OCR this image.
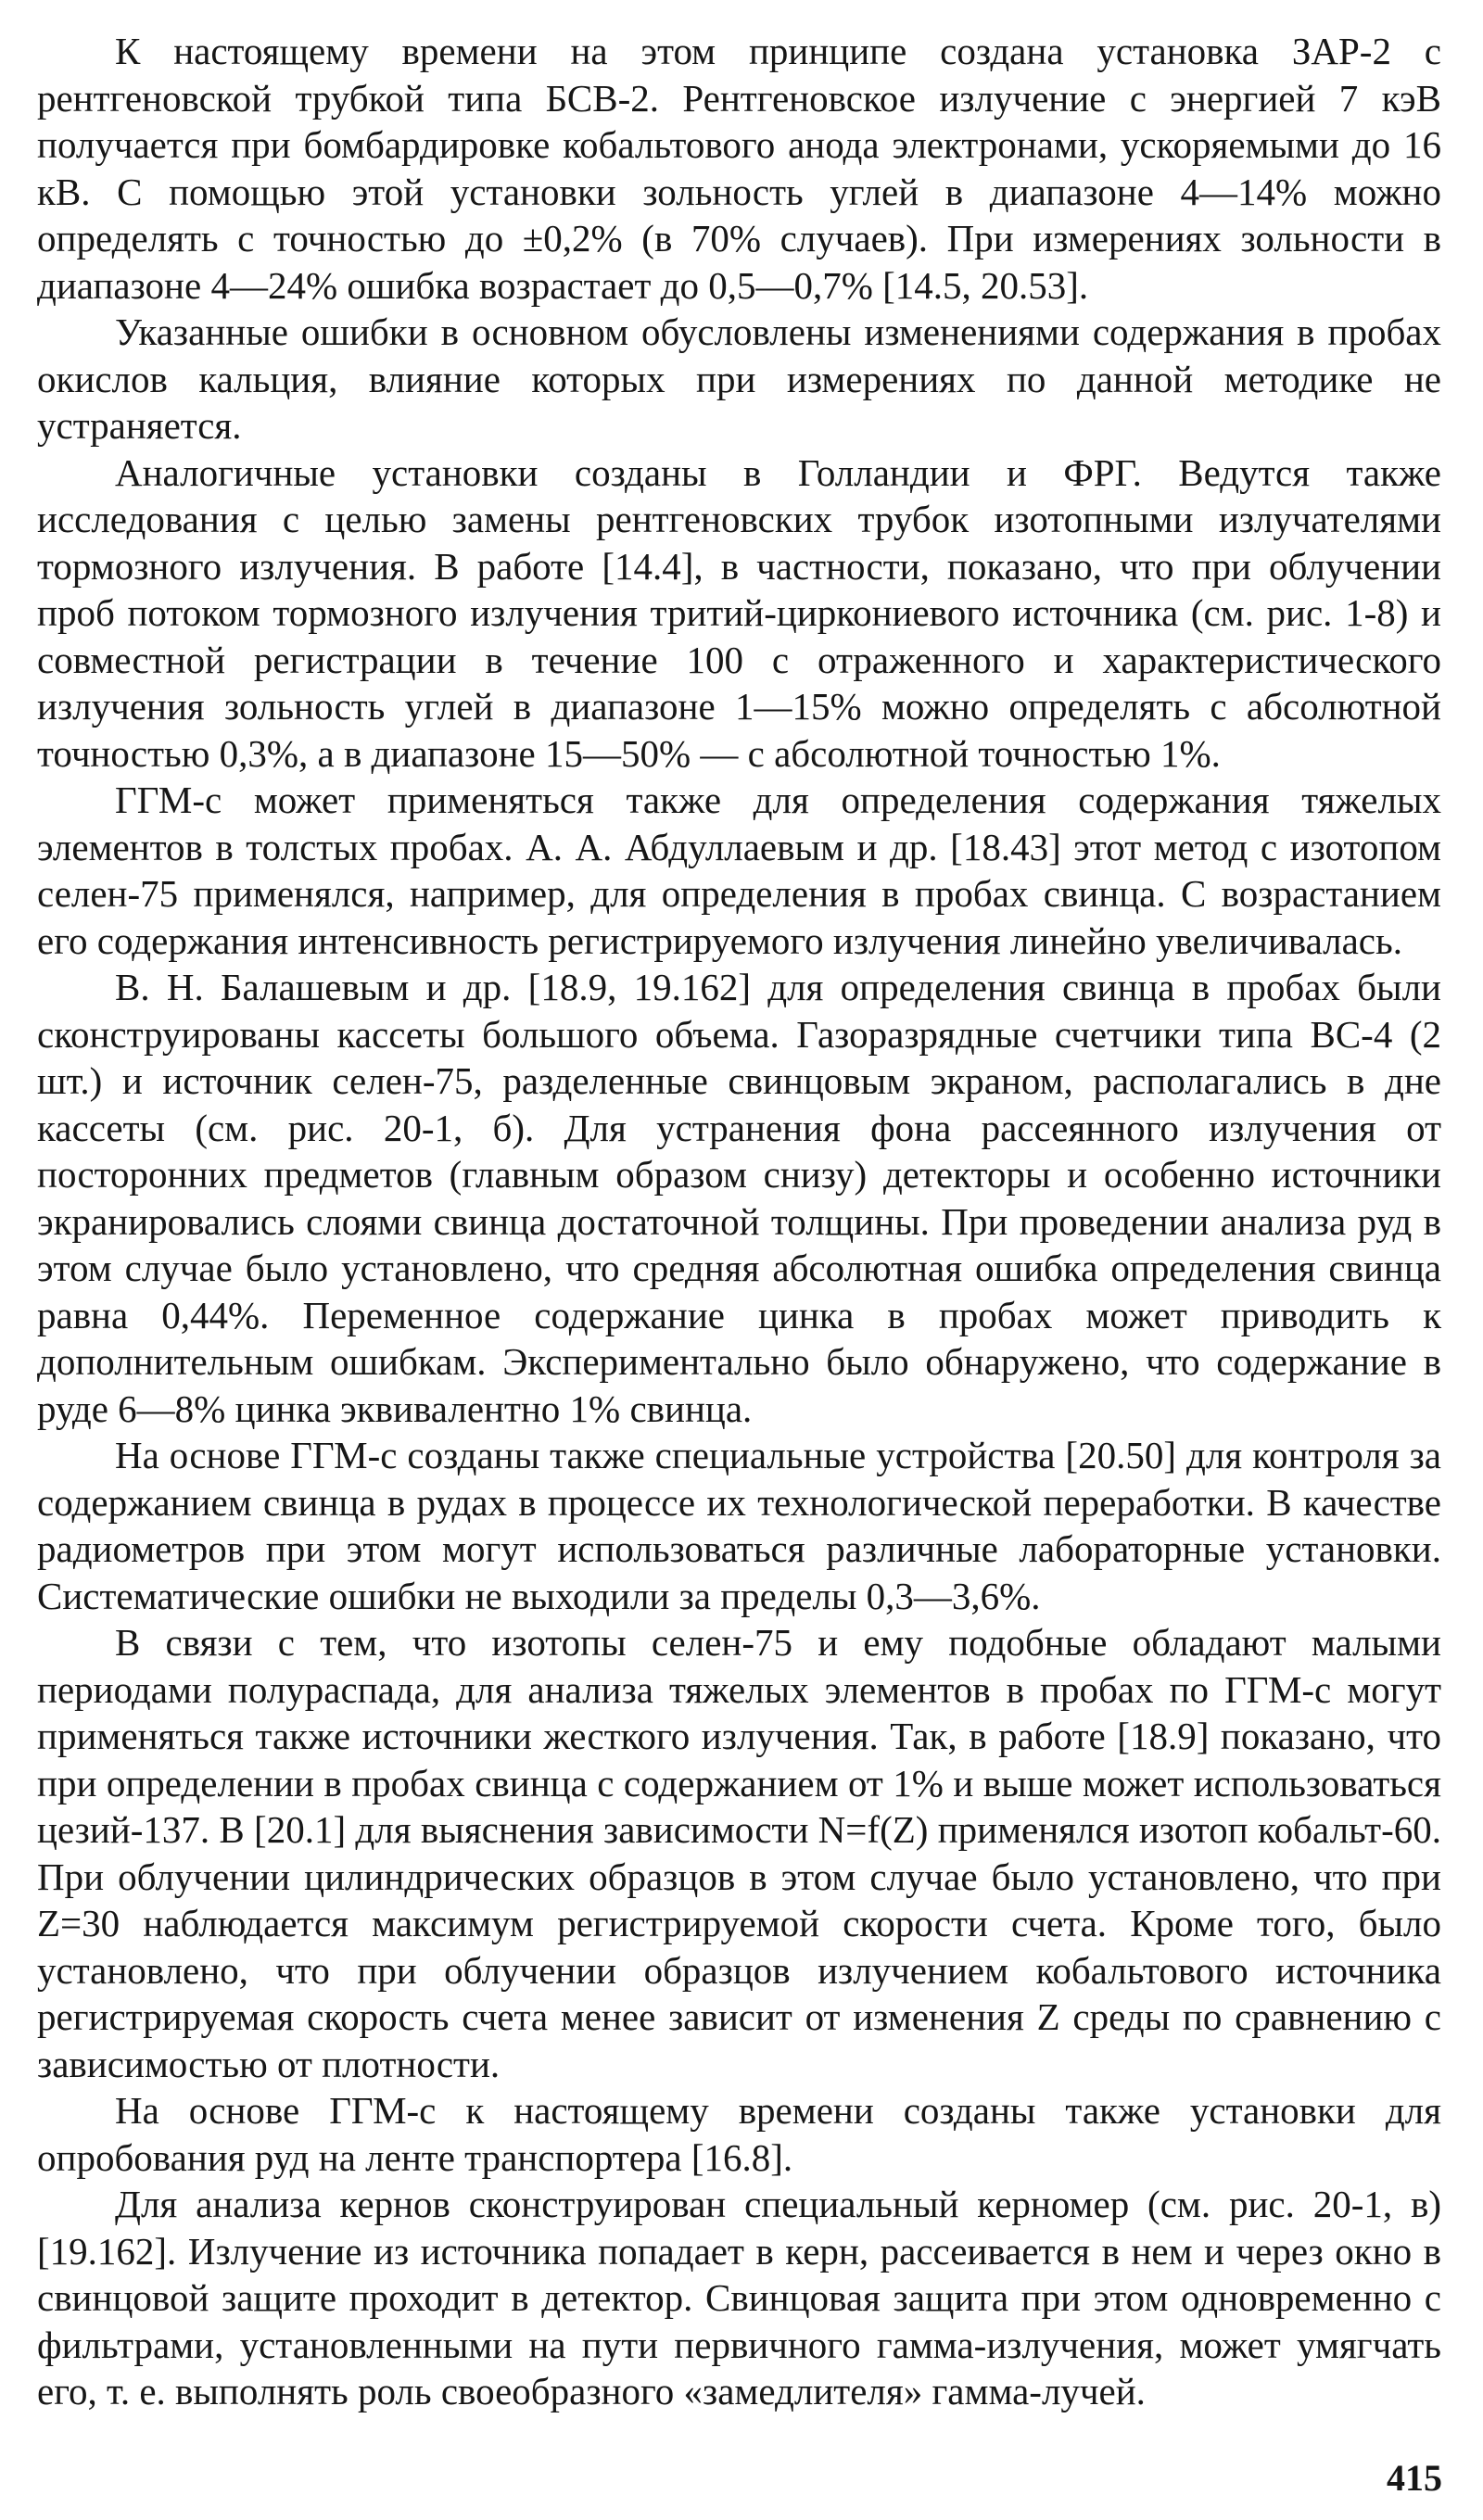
К настоящему времени на этом принципе создана установка ЗАР-2 с рентгеновской трубкой типа БСВ-2. Рентгеновское излучение с энергией 7 кэВ получается при бомбардировке кобальтового анода электронами, ускоряемыми до 16 кВ. С помощью этой установки зольность углей в диапазоне 4—14% можно определять с точностью до ±0,2% (в 70% случаев). При измерениях зольности в диапазоне 4—24% ошибка возрастает до 0,5—0,7% [14.5, 20.53].

Указанные ошибки в основном обусловлены изменениями содержания в пробах окислов кальция, влияние которых при измерениях по данной методике не устраняется.

Аналогичные установки созданы в Голландии и ФРГ. Ведутся также исследования с целью замены рентгеновских трубок изотопными излучателями тормозного излучения. В работе [14.4], в частности, показано, что при облучении проб потоком тормозного излучения тритий-циркониевого источника (см. рис. 1-8) и совместной регистрации в течение 100 с отраженного и характеристического излучения зольность углей в диапазоне 1—15% можно определять с абсолютной точностью 0,3%, а в диапазоне 15—50% — с абсолютной точностью 1%.

ГГМ-с может применяться также для определения содержания тяжелых элементов в толстых пробах. А. А. Абдуллаевым и др. [18.43] этот метод с изотопом селен-75 применялся, например, для определения в пробах свинца. С возрастанием его содержания интенсивность регистрируемого излучения линейно увеличивалась.

В. Н. Балашевым и др. [18.9, 19.162] для определения свинца в пробах были сконструированы кассеты большого объема. Газоразрядные счетчики типа ВС-4 (2 шт.) и источник селен-75, разделенные свинцовым экраном, располагались в дне кассеты (см. рис. 20-1, б). Для устранения фона рассеянного излучения от посторонних предметов (главным образом снизу) детекторы и особенно источники экранировались слоями свинца достаточной толщины. При проведении анализа руд в этом случае было установлено, что средняя абсолютная ошибка определения свинца равна 0,44%. Переменное содержание цинка в пробах может приводить к дополнительным ошибкам. Экспериментально было обнаружено, что содержание в руде 6—8% цинка эквивалентно 1% свинца.

На основе ГГМ-с созданы также специальные устройства [20.50] для контроля за содержанием свинца в рудах в процессе их технологической переработки. В качестве радиометров при этом могут использоваться различные лабораторные установки. Систематические ошибки не выходили за пределы 0,3—3,6%.

В связи с тем, что изотопы селен-75 и ему подобные обладают малыми периодами полураспада, для анализа тяжелых элементов в пробах по ГГМ-с могут применяться также источники жесткого излучения. Так, в работе [18.9] показано, что при определении в пробах свинца с содержанием от 1% и выше может использоваться цезий-137. В [20.1] для выяснения зависимости N=f(Z) применялся изотоп кобальт-60. При облучении цилиндрических образцов в этом случае было установлено, что при Z=30 наблюдается максимум регистрируемой скорости счета. Кроме того, было установлено, что при облучении образцов излучением кобальтового источника регистрируемая скорость счета менее зависит от изменения Z среды по сравнению с зависимостью от плотности.

На основе ГГМ-с к настоящему времени созданы также установки для опробования руд на ленте транспортера [16.8].

Для анализа кернов сконструирован специальный керномер (см. рис. 20-1, в) [19.162]. Излучение из источника попадает в керн, рассеивается в нем и через окно в свинцовой защите проходит в детектор. Свинцовая защита при этом одновременно с фильтрами, установленными на пути первичного гамма-излучения, может умягчать его, т. е. выполнять роль своеобразного «замедлителя» гамма-лучей.

415
